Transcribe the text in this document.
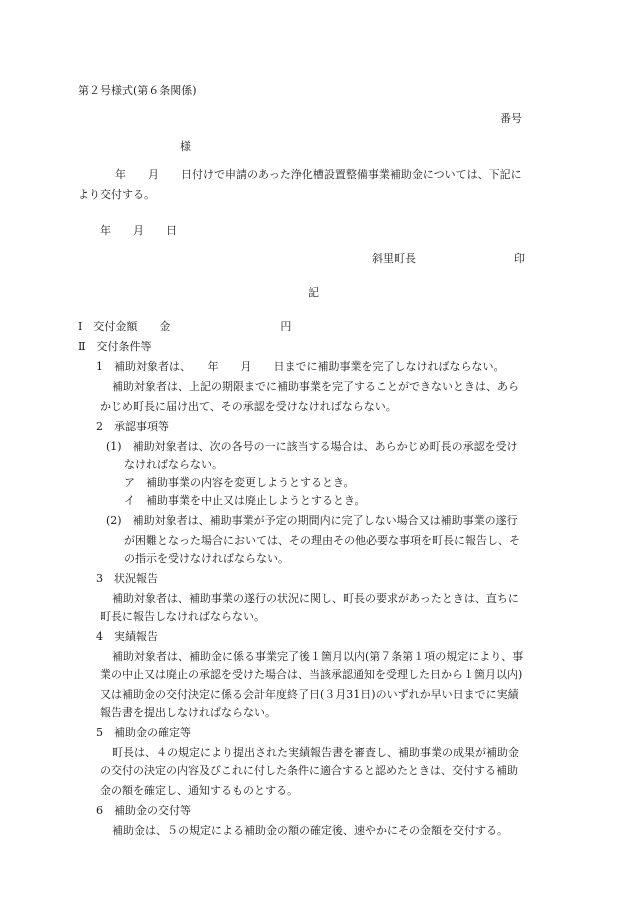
第２号様式(第６条関係)
番号
様
年　　月　　日付けで申請のあった浄化槽設置整備事業補助金については、下記に
より交付する。
年　　月　　日
斜里町長	印
記
Ⅰ　交付金額　　金　　　　　　　　　　円
Ⅱ　交付条件等
1　補助対象者は、　　年　　月　　日までに補助事業を完了しなければならない。
補助対象者は、上記の期限までに補助事業を完了することができないときは、あら
かじめ町長に届け出て、その承認を受けなければならない。
2　承認事項等
(1)　補助対象者は、次の各号の一に該当する場合は、あらかじめ町長の承認を受け
なければならない。
ア　補助事業の内容を変更しようとするとき。
イ　補助事業を中止又は廃止しようとするとき。
(2)　補助対象者は、補助事業が予定の期間内に完了しない場合又は補助事業の遂行
が困難となった場合においては、その理由その他必要な事項を町長に報告し、そ
の指示を受けなければならない。
3　状況報告
補助対象者は、補助事業の遂行の状況に関し、町長の要求があったときは、直ちに
町長に報告しなければならない。
4　実績報告
補助対象者は、補助金に係る事業完了後１箇月以内(第７条第１項の規定により、事
業の中止又は廃止の承認を受けた場合は、当該承認通知を受理した日から１箇月以内)
又は補助金の交付決定に係る会計年度終了日(３月31日)のいずれか早い日までに実績
報告書を提出しなければならない。
5　補助金の確定等
町長は、４の規定により提出された実績報告書を審査し、補助事業の成果が補助金
の交付の決定の内容及びこれに付した条件に適合すると認めたときは、交付する補助
金の額を確定し、通知するものとする。
6　補助金の交付等
補助金は、５の規定による補助金の額の確定後、速やかにその金額を交付する。
